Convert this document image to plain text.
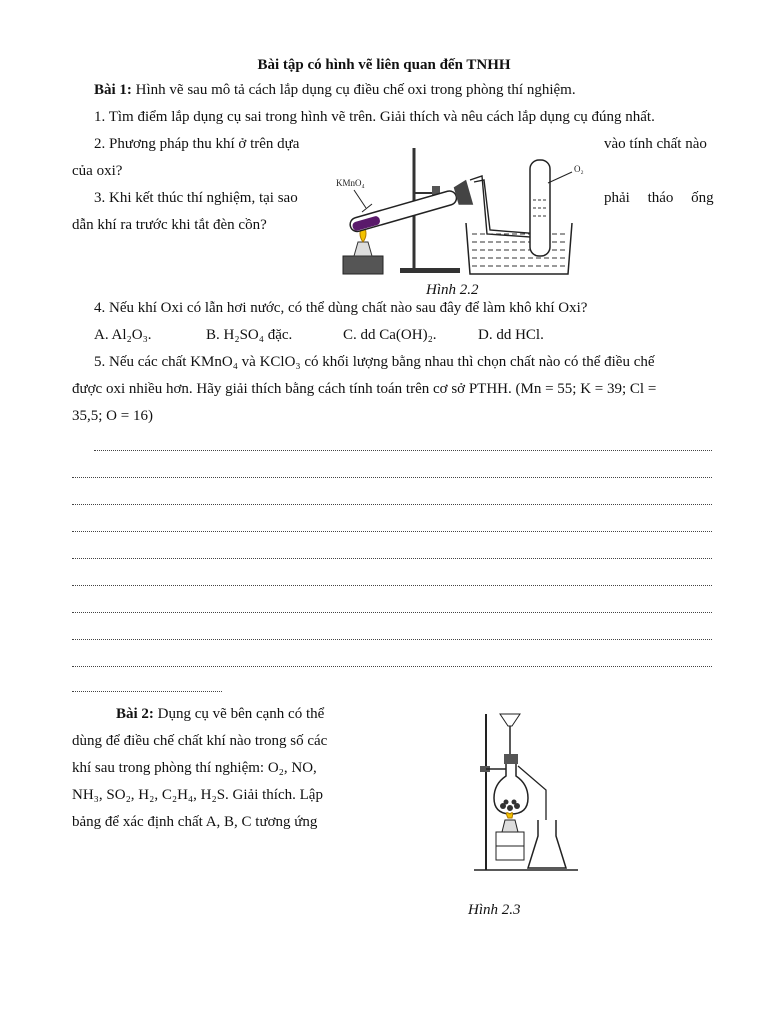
Bài tập có hình vẽ liên quan đến TNHH
Bài 1: Hình vẽ sau mô tả cách lắp dụng cụ điều chế oxi trong phòng thí nghiệm.
1. Tìm điểm lắp dụng cụ sai trong hình vẽ trên. Giải thích và nêu cách lắp dụng cụ đúng nhất.
2. Phương pháp thu khí ở trên dựa	vào tính chất nào
của oxi?
3. Khi kết thúc thí nghiệm, tại sao	phải tháo ống
dẫn khí ra trước khi tắt đèn cồn?
O₂
KMnO₄
Hình 2.2
4. Nếu khí Oxi có lẫn hơi nước, có thể dùng chất nào sau đây để làm khô khí Oxi?
A. Al₂O₃.	B. H₂SO₄ đặc.	C. dd Ca(OH)₂.	D. dd HCl.
5. Nếu các chất KMnO₄ và KClO₃ có khối lượng bằng nhau thì chọn chất nào có thể điều chế
được oxi nhiều hơn. Hãy giải thích bằng cách tính toán trên cơ sở PTHH. (Mn = 55; K = 39; Cl =
35,5; O = 16)
Bài 2: Dụng cụ vẽ bên cạnh có thể
dùng để điều chế chất khí nào trong số các
khí sau trong phòng thí nghiệm: O₂, NO,
NH₃, SO₂, H₂, C₂H₄, H₂S. Giải thích. Lập
bảng để xác định chất A, B, C tương ứng
Hình 2.3
